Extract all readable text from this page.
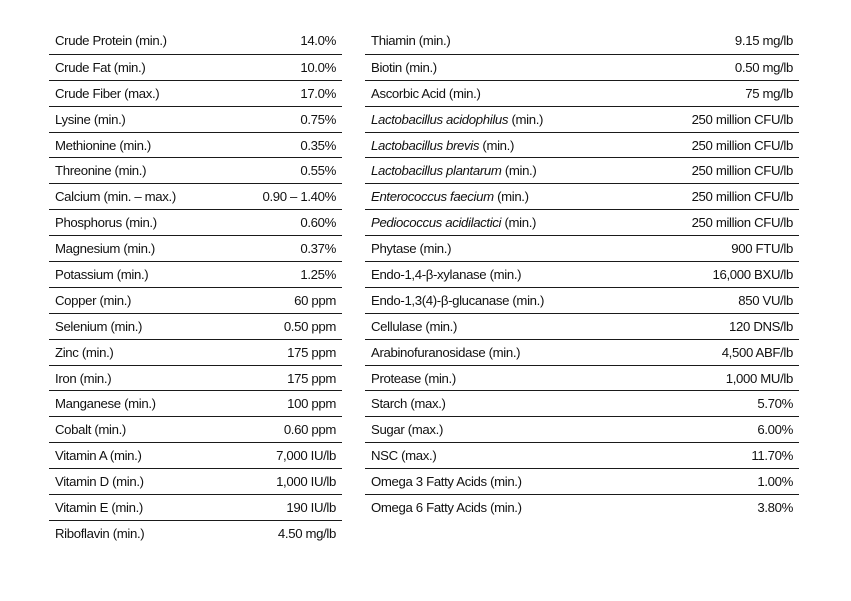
Crude Protein (min.)	14.0%
Crude Fat (min.)	10.0%
Crude Fiber (max.)	17.0%
Lysine (min.)	0.75%
Methionine (min.)	0.35%
Threonine (min.)	0.55%
Calcium (min. – max.)	0.90 – 1.40%
Phosphorus (min.)	0.60%
Magnesium (min.)	0.37%
Potassium (min.)	1.25%
Copper (min.)	60 ppm
Selenium (min.)	0.50 ppm
Zinc (min.)	175 ppm
Iron (min.)	175 ppm
Manganese (min.)	100 ppm
Cobalt (min.)	0.60 ppm
Vitamin A (min.)	7,000 IU/lb
Vitamin D (min.)	1,000 IU/lb
Vitamin E (min.)	190 IU/lb
Riboflavin (min.)	4.50 mg/lb
Thiamin (min.)	9.15 mg/lb
Biotin (min.)	0.50 mg/lb
Ascorbic Acid (min.)	75 mg/lb
Lactobacillus acidophilus (min.)	250 million CFU/lb
Lactobacillus brevis (min.)	250 million CFU/lb
Lactobacillus plantarum (min.)	250 million CFU/lb
Enterococcus faecium (min.)	250 million CFU/lb
Pediococcus acidilactici (min.)	250 million CFU/lb
Phytase (min.)	900 FTU/lb
Endo-1,4-β-xylanase (min.)	16,000 BXU/lb
Endo-1,3(4)-β-glucanase (min.)	850 VU/lb
Cellulase (min.)	120 DNS/lb
Arabinofuranosidase (min.)	4,500 ABF/lb
Protease (min.)	1,000 MU/lb
Starch (max.)	5.70%
Sugar (max.)	6.00%
NSC (max.)	11.70%
Omega 3 Fatty Acids (min.)	1.00%
Omega 6 Fatty Acids (min.)	3.80%
